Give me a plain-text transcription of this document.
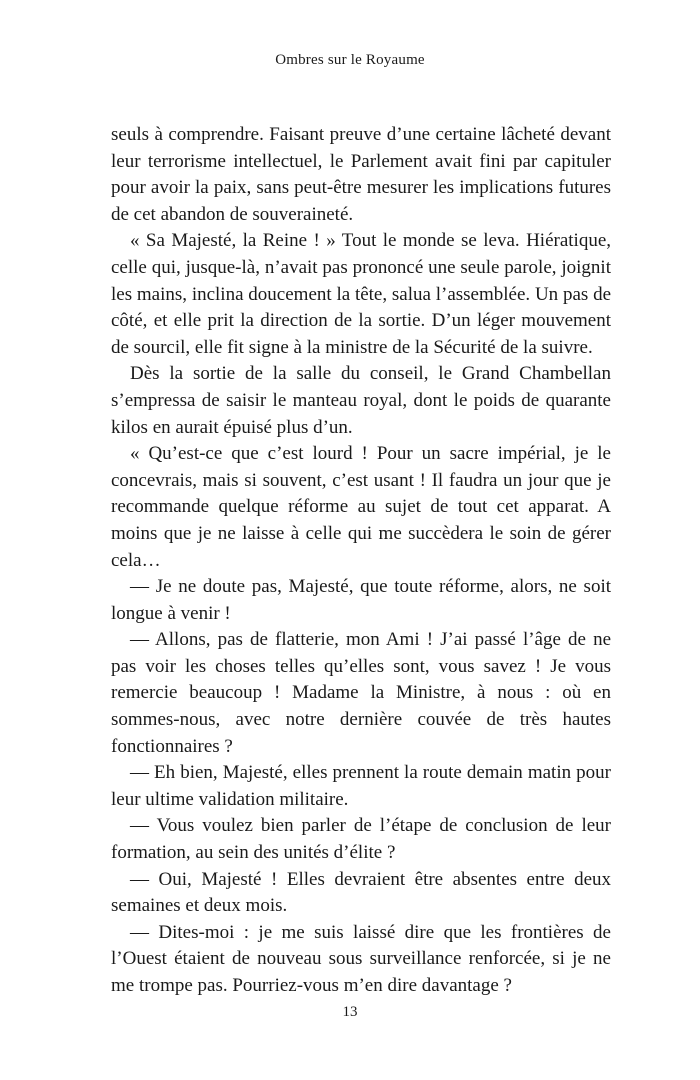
Ombres sur le Royaume

seuls à comprendre. Faisant preuve d’une certaine lâcheté devant leur terrorisme intellectuel, le Parlement avait fini par capituler pour avoir la paix, sans peut-être mesurer les implications futures de cet abandon de souveraineté.

« Sa Majesté, la Reine ! » Tout le monde se leva. Hiératique, celle qui, jusque-là, n’avait pas prononcé une seule parole, joignit les mains, inclina doucement la tête, salua l’assemblée. Un pas de côté, et elle prit la direction de la sortie. D’un léger mouvement de sourcil, elle fit signe à la ministre de la Sécurité de la suivre.

Dès la sortie de la salle du conseil, le Grand Chambellan s’empressa de saisir le manteau royal, dont le poids de quarante kilos en aurait épuisé plus d’un.

« Qu’est-ce que c’est lourd ! Pour un sacre impérial, je le concevrais, mais si souvent, c’est usant ! Il faudra un jour que je recommande quelque réforme au sujet de tout cet apparat. A moins que je ne laisse à celle qui me succèdera le soin de gérer cela…

— Je ne doute pas, Majesté, que toute réforme, alors, ne soit longue à venir !

— Allons, pas de flatterie, mon Ami ! J’ai passé l’âge de ne pas voir les choses telles qu’elles sont, vous savez ! Je vous remercie beaucoup ! Madame la Ministre, à nous : où en sommes-nous, avec notre dernière couvée de très hautes fonctionnaires ?

— Eh bien, Majesté, elles prennent la route demain matin pour leur ultime validation militaire.

— Vous voulez bien parler de l’étape de conclusion de leur formation, au sein des unités d’élite ?

— Oui, Majesté ! Elles devraient être absentes entre deux semaines et deux mois.

— Dites-moi : je me suis laissé dire que les frontières de l’Ouest étaient de nouveau sous surveillance renforcée, si je ne me trompe pas. Pourriez-vous m’en dire davantage ?

13
